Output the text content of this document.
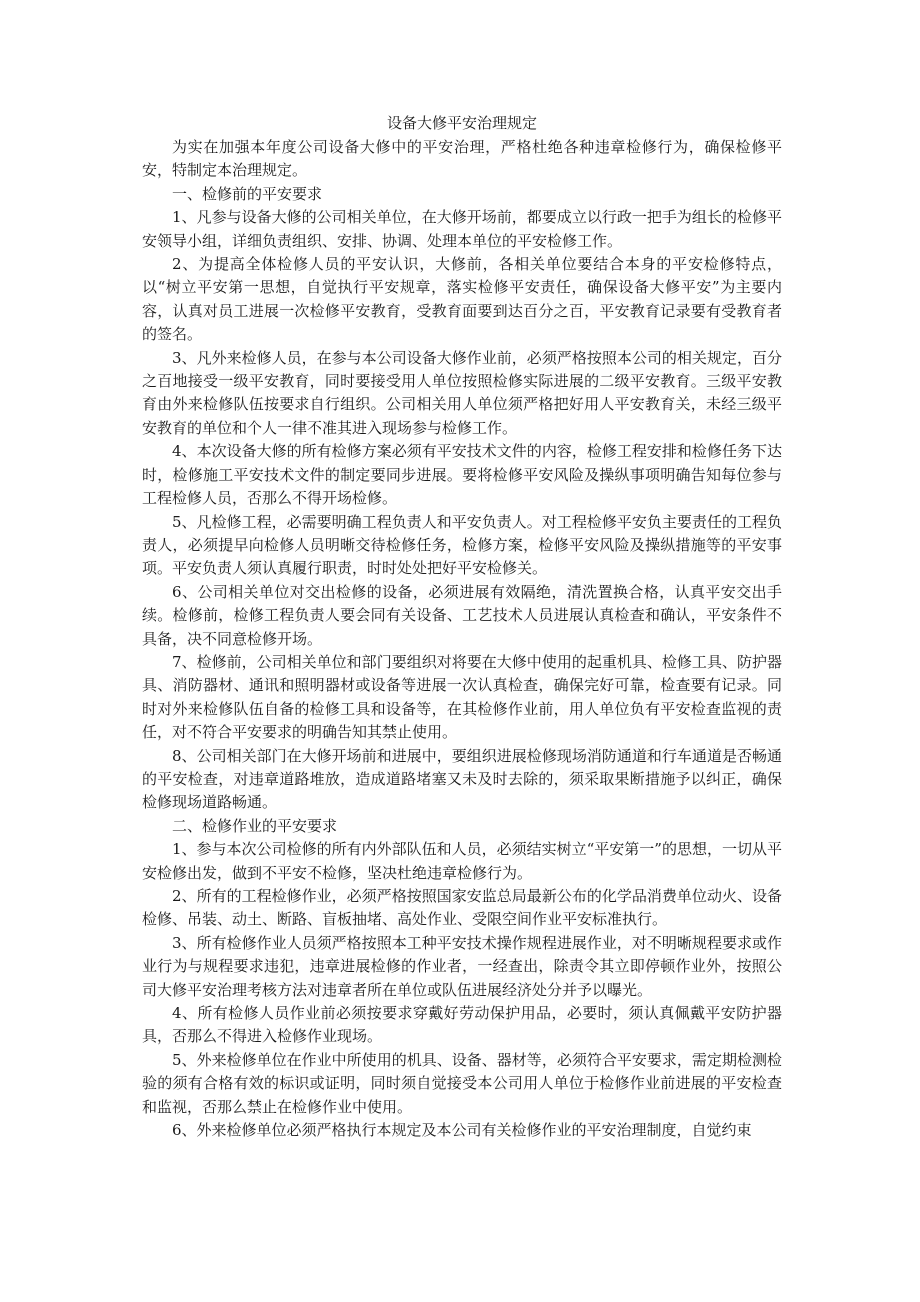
设备大修平安治理规定

为实在加强本年度公司设备大修中的平安治理，严格杜绝各种违章检修行为，确保检修平安，特制定本治理规定。

一、检修前的平安要求

1、凡参与设备大修的公司相关单位，在大修开场前，都要成立以行政一把手为组长的检修平安领导小组，详细负责组织、安排、协调、处理本单位的平安检修工作。

2、为提高全体检修人员的平安认识，大修前，各相关单位要结合本身的平安检修特点，以“树立平安第一思想，自觉执行平安规章，落实检修平安责任，确保设备大修平安”为主要内容，认真对员工进展一次检修平安教育，受教育面要到达百分之百，平安教育记录要有受教育者的签名。

3、凡外来检修人员，在参与本公司设备大修作业前，必须严格按照本公司的相关规定，百分之百地接受一级平安教育，同时要接受用人单位按照检修实际进展的二级平安教育。三级平安教育由外来检修队伍按要求自行组织。公司相关用人单位须严格把好用人平安教育关，未经三级平安教育的单位和个人一律不准其进入现场参与检修工作。

4、本次设备大修的所有检修方案必须有平安技术文件的内容，检修工程安排和检修任务下达时，检修施工平安技术文件的制定要同步进展。要将检修平安风险及操纵事项明确告知每位参与工程检修人员，否那么不得开场检修。

5、凡检修工程，必需要明确工程负责人和平安负责人。对工程检修平安负主要责任的工程负责人，必须提早向检修人员明晰交待检修任务，检修方案，检修平安风险及操纵措施等的平安事项。平安负责人须认真履行职责，时时处处把好平安检修关。

6、公司相关单位对交出检修的设备，必须进展有效隔绝，清洗置换合格，认真平安交出手续。检修前，检修工程负责人要会同有关设备、工艺技术人员进展认真检查和确认，平安条件不具备，决不同意检修开场。

7、检修前，公司相关单位和部门要组织对将要在大修中使用的起重机具、检修工具、防护器具、消防器材、通讯和照明器材或设备等进展一次认真检查，确保完好可靠，检查要有记录。同时对外来检修队伍自备的检修工具和设备等，在其检修作业前，用人单位负有平安检查监视的责任，对不符合平安要求的明确告知其禁止使用。

8、公司相关部门在大修开场前和进展中，要组织进展检修现场消防通道和行车通道是否畅通的平安检查，对违章道路堆放，造成道路堵塞又未及时去除的，须采取果断措施予以纠正，确保检修现场道路畅通。

二、检修作业的平安要求

1、参与本次公司检修的所有内外部队伍和人员，必须结实树立“平安第一”的思想，一切从平安检修出发，做到不平安不检修，坚决杜绝违章检修行为。

2、所有的工程检修作业，必须严格按照国家安监总局最新公布的化学品消费单位动火、设备检修、吊装、动土、断路、盲板抽堵、高处作业、受限空间作业平安标准执行。

3、所有检修作业人员须严格按照本工种平安技术操作规程进展作业，对不明晰规程要求或作业行为与规程要求违犯，违章进展检修的作业者，一经查出，除责令其立即停顿作业外，按照公司大修平安治理考核方法对违章者所在单位或队伍进展经济处分并予以曝光。

4、所有检修人员作业前必须按要求穿戴好劳动保护用品，必要时，须认真佩戴平安防护器具，否那么不得进入检修作业现场。

5、外来检修单位在作业中所使用的机具、设备、器材等，必须符合平安要求，需定期检测检验的须有合格有效的标识或证明，同时须自觉接受本公司用人单位于检修作业前进展的平安检查和监视，否那么禁止在检修作业中使用。

6、外来检修单位必须严格执行本规定及本公司有关检修作业的平安治理制度，自觉约束
